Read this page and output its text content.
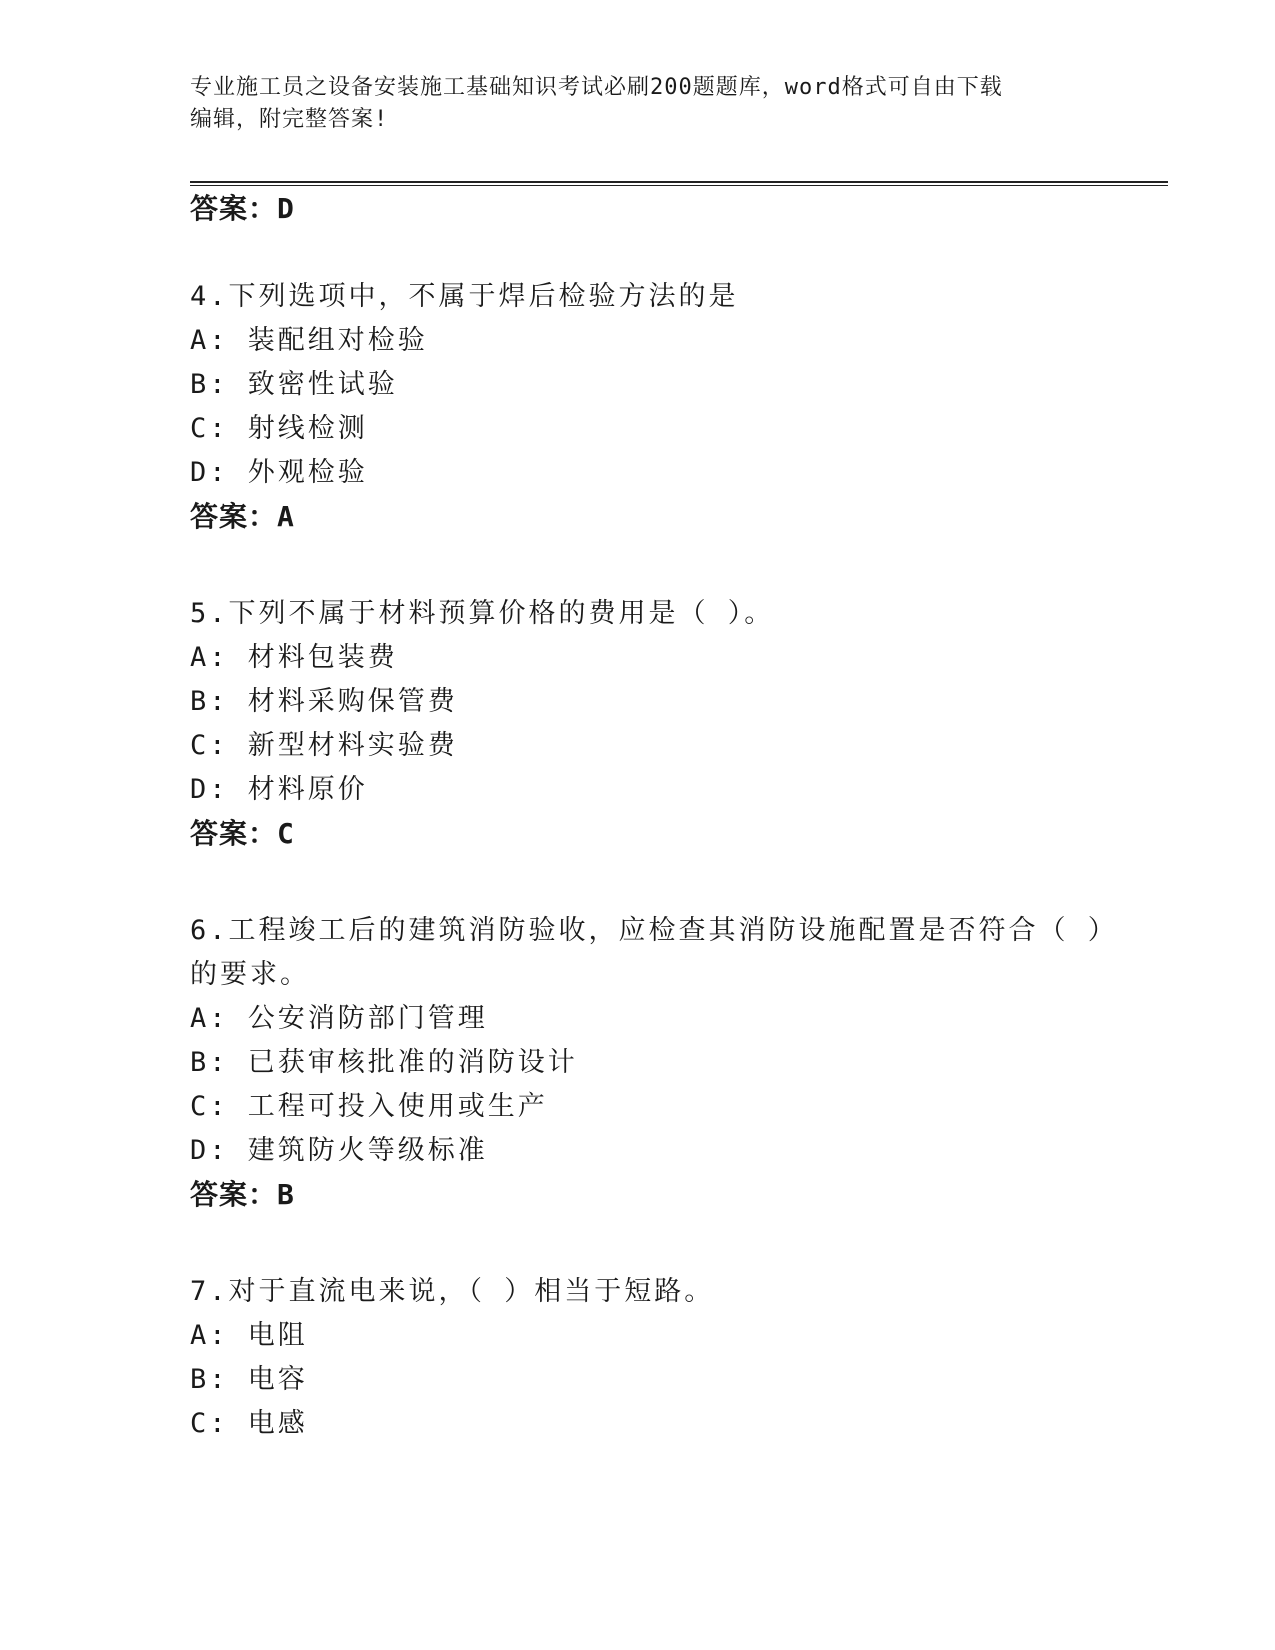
专业施工员之设备安装施工基础知识考试必刷200题题库，word格式可自由下载
编辑，附完整答案!
答案：D
4.下列选项中，不属于焊后检验方法的是
A: 装配组对检验
B: 致密性试验
C: 射线检测
D: 外观检验
答案：A
5.下列不属于材料预算价格的费用是（ ）。
A: 材料包装费
B: 材料采购保管费
C: 新型材料实验费
D: 材料原价
答案：C
6.工程竣工后的建筑消防验收，应检查其消防设施配置是否符合（ ）
的要求。
A: 公安消防部门管理
B: 已获审核批准的消防设计
C: 工程可投入使用或生产
D: 建筑防火等级标准
答案：B
7.对于直流电来说，（ ）相当于短路。
A: 电阻
B: 电容
C: 电感
